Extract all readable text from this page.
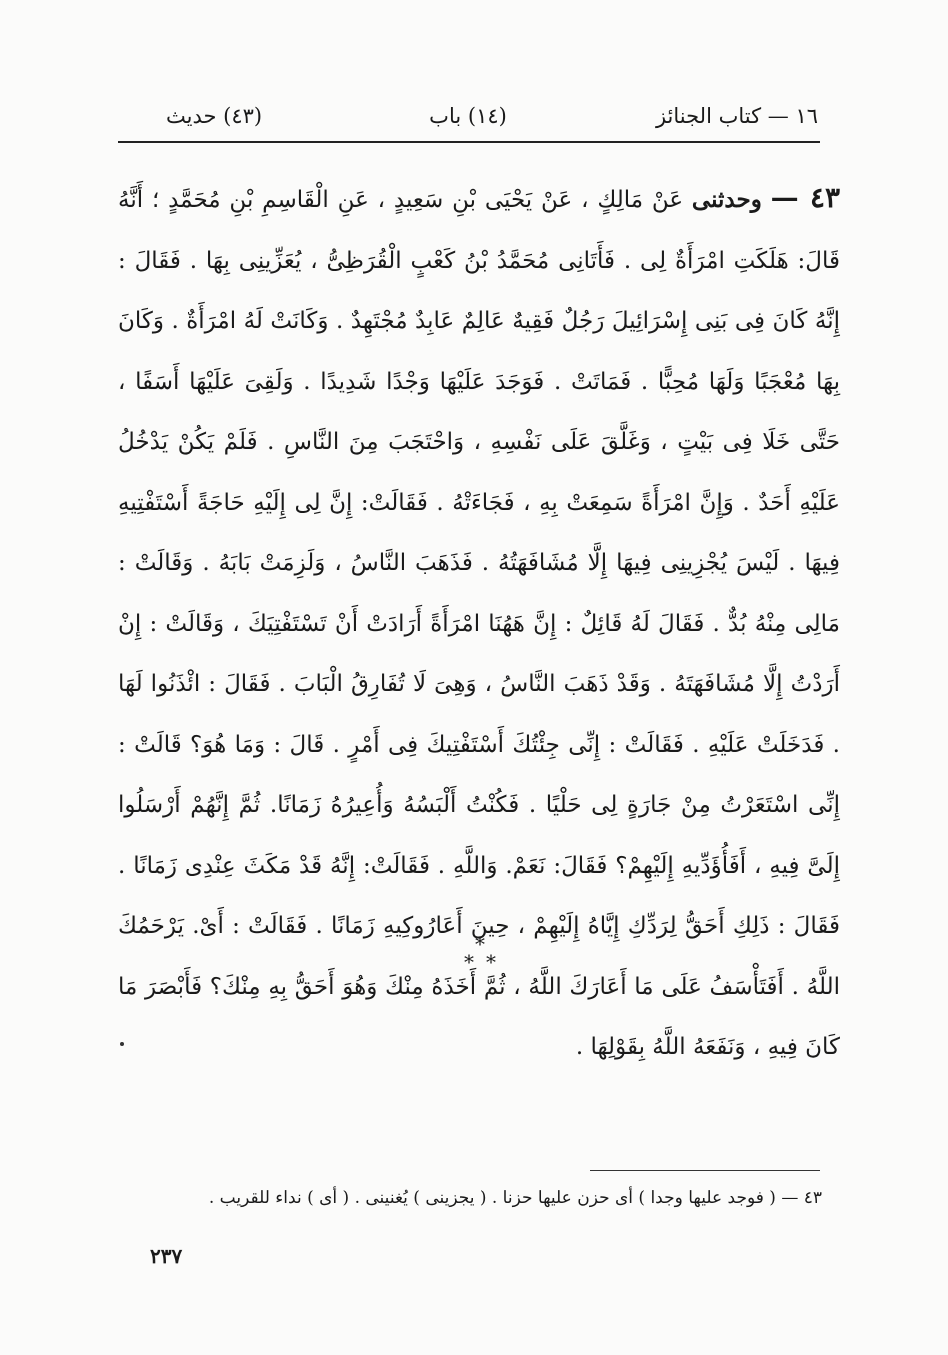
١٦ — كتاب الجنائز
(١٤) باب
(٤٣) حديث

٤٣ — وحدثنى عَنْ مَالِكٍ ، عَنْ يَحْيَى بْنِ سَعِيدٍ ، عَنِ الْقَاسِمِ بْنِ مُحَمَّدٍ ؛ أَنَّهُ قَالَ: هَلَكَتِ امْرَأَةٌ لِى . فَأَتَانِى مُحَمَّدُ بْنُ كَعْبٍ الْقُرَظِىُّ ، يُعَزِّينِى بِهَا . فَقَالَ : إِنَّهُ كَانَ فِى بَنِى إِسْرَائِيلَ رَجُلٌ فَقِيهٌ عَالِمٌ عَابِدٌ مُجْتَهِدٌ . وَكَانَتْ لَهُ امْرَأَةٌ . وَكَانَ بِهَا مُعْجَبًا وَلَهَا مُحِبًّا . فَمَاتَتْ . فَوَجَدَ عَلَيْهَا وَجْدًا شَدِيدًا . وَلَقِىَ عَلَيْهَا أَسَفًا ، حَتَّى خَلَا فِى بَيْتٍ ، وَغَلَّقَ عَلَى نَفْسِهِ ، وَاحْتَجَبَ مِنَ النَّاسِ . فَلَمْ يَكُنْ يَدْخُلُ عَلَيْهِ أَحَدٌ . وَإِنَّ امْرَأَةً سَمِعَتْ بِهِ ، فَجَاءَتْهُ . فَقَالَتْ: إِنَّ لِى إِلَيْهِ حَاجَةً أَسْتَفْتِيهِ فِيهَا . لَيْسَ يُجْزِينِى فِيهَا إِلَّا مُشَافَهَتُهُ . فَذَهَبَ النَّاسُ ، وَلَزِمَتْ بَابَهُ . وَقَالَتْ : مَالِى مِنْهُ بُدٌّ . فَقَالَ لَهُ قَائِلٌ : إِنَّ هَهُنَا امْرَأَةً أَرَادَتْ أَنْ تَسْتَفْتِيَكَ ، وَقَالَتْ : إِنْ أَرَدْتُ إِلَّا مُشَافَهَتَهُ . وَقَدْ ذَهَبَ النَّاسُ ، وَهِىَ لَا تُفَارِقُ الْبَابَ . فَقَالَ : ائْذَنُوا لَهَا . فَدَخَلَتْ عَلَيْهِ . فَقَالَتْ : إِنِّى جِئْتُكَ أَسْتَفْتِيكَ فِى أَمْرٍ . قَالَ : وَمَا هُوَ؟ قَالَتْ : إِنِّى اسْتَعَرْتُ مِنْ جَارَةٍ لِى حَلْيًا . فَكُنْتُ أَلْبَسُهُ وَأُعِيرُهُ زَمَانًا. ثُمَّ إِنَّهُمْ أَرْسَلُوا إِلَىَّ فِيهِ ، أَفَأُؤَدِّيهِ إِلَيْهِمْ؟ فَقَالَ: نَعَمْ. وَاللَّهِ . فَقَالَتْ: إِنَّهُ قَدْ مَكَثَ عِنْدِى زَمَانًا . فَقَالَ : ذَلِكِ أَحَقُّ لِرَدِّكِ إِيَّاهُ إِلَيْهِمْ ، حِينَ أَعَارُوكِيهِ زَمَانًا . فَقَالَتْ : أَىْ. يَرْحَمُكَ اللَّهُ . أَفَتَأْسَفُ عَلَى مَا أَعَارَكَ اللَّهُ ، ثُمَّ أَخَذَهُ مِنْكَ وَهُوَ أَحَقُّ بِهِ مِنْكَ؟ فَأَبْصَرَ مَا كَانَ فِيهِ ، وَنَفَعَهُ اللَّهُ بِقَوْلِهَا .

*
* *
٤٣ — ( فوجد عليها وجدا ) أى حزن عليها حزنا . ( يجزينى ) يُغنينى . ( أى ) نداء للقريب .
٢٣٧
